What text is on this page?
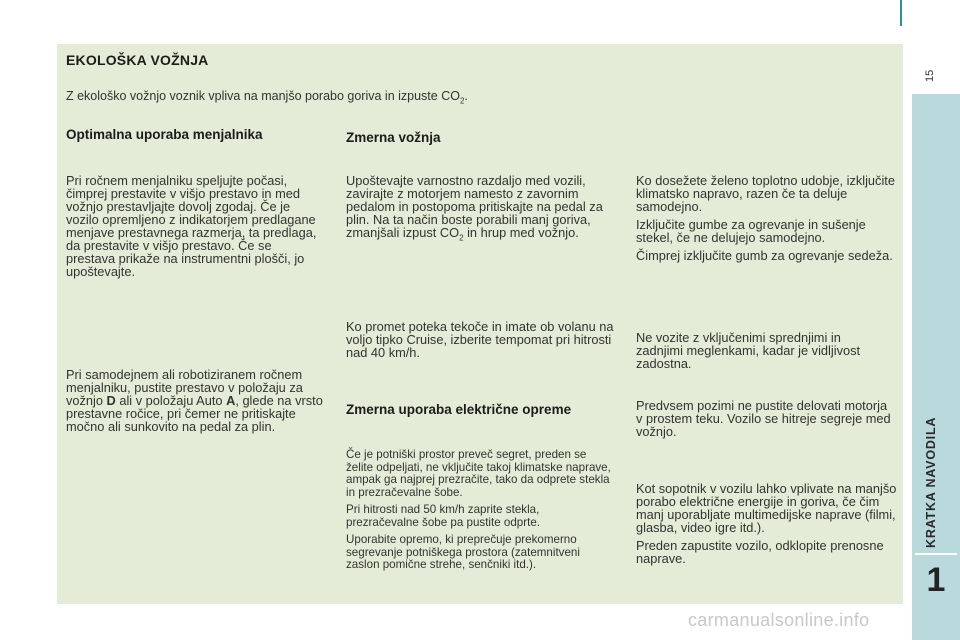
EKOLOŠKA VOŽNJA

Z ekološko vožnjo voznik vpliva na manjšo porabo goriva in izpuste $CO_2$.

Optimalna uporaba menjalnika

Pri ročnem menjalniku speljujte počasi, čimprej prestavite v višjo prestavo in med vožnjo prestavljajte dovolj zgodaj. Če je vozilo opremljeno z indikatorjem predlagane menjave prestavnega razmerja, ta predlaga, da prestavite v višjo prestavo. Če se prestava prikaže na instrumentni plošči, jo upoštevajte.

Pri samodejnem ali robotiziranem ročnem menjalniku, pustite prestavo v položaju za vožnjo D ali v položaju Auto A, glede na vrsto prestavne ročice, pri čemer ne pritiskajte močno ali sunkovito na pedal za plin.

Zmerna vožnja

Upoštevajte varnostno razdaljo med vozili, zavirajte z motorjem namesto z zavornim pedalom in postopoma pritiskajte na pedal za plin. Na ta način boste porabili manj goriva, zmanjšali izpust $CO_2$ in hrup med vožnjo.

Ko promet poteka tekoče in imate ob volanu na voljo tipko Cruise, izberite tempomat pri hitrosti nad 40 km/h.

Zmerna uporaba električne opreme

Če je potniški prostor preveč segret, preden se želite odpeljati, ne vključite takoj klimatske naprave, ampak ga najprej prezračite, tako da odprete stekla in prezračevalne šobe.

Pri hitrosti nad 50 km/h zaprite stekla, prezračevalne šobe pa pustite odprte.

Uporabite opremo, ki preprečuje prekomerno segrevanje potniškega prostora (zatemnitveni zaslon pomične strehe, senčniki itd.).

Ko dosežete želeno toplotno udobje, izključite klimatsko napravo, razen če ta deluje samodejno.

Izključite gumbe za ogrevanje in sušenje stekel, če ne delujejo samodejno.

Čimprej izključite gumb za ogrevanje sedeža.

Ne vozite z vključenimi sprednjimi in zadnjimi meglenkami, kadar je vidljivost zadostna.

Predvsem pozimi ne pustite delovati motorja v prostem teku. Vozilo se hitreje segreje med vožnjo.

Kot sopotnik v vozilu lahko vplivate na manjšo porabo električne energije in goriva, če čim manj uporabljate multimedijske naprave (filmi, glasba, video igre itd.).

Preden zapustite vozilo, odklopite prenosne naprave.

15
KRATKA NAVODILA
1
carmanualsonline.info
